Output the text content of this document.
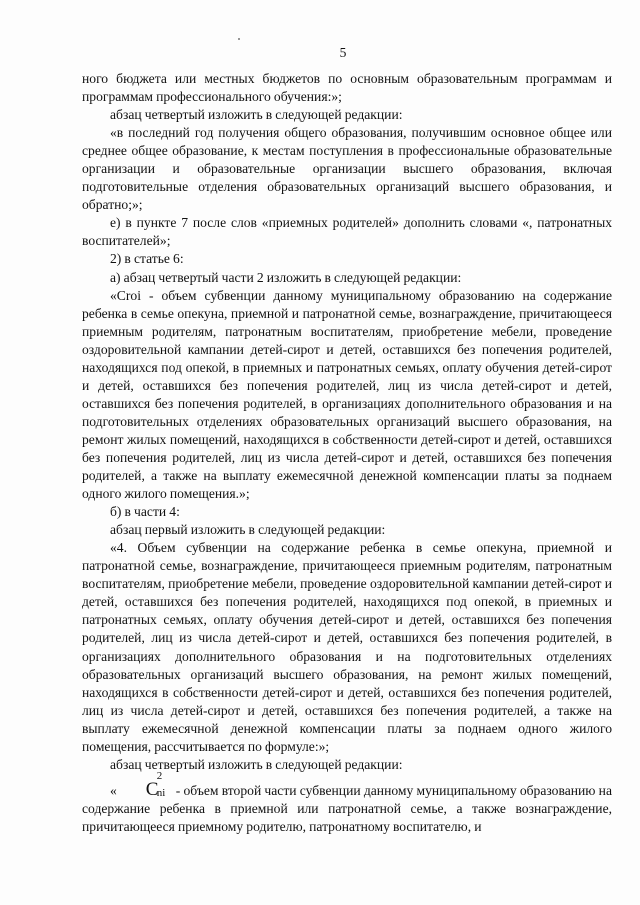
5

ного бюджета или местных бюджетов по основным образовательным программам и программам профессионального обучения:»;

абзац четвертый изложить в следующей редакции:

«в последний год получения общего образования, получившим основное общее или среднее общее образование, к местам поступления в профессиональные образовательные организации и образовательные организации высшего образования, включая подготовительные отделения образовательных организаций высшего образования, и обратно;»;

е) в пункте 7 после слов «приемных родителей» дополнить словами «, патронатных воспитателей»;

2) в статье 6:

а) абзац четвертый части 2 изложить в следующей редакции:

«Сroi - объем субвенции данному муниципальному образованию на содержание ребенка в семье опекуна, приемной и патронатной семье, вознаграждение, причитающееся приемным родителям, патронатным воспитателям, приобретение мебели, проведение оздоровительной кампании детей-сирот и детей, оставшихся без попечения родителей, находящихся под опекой, в приемных и патронатных семьях, оплату обучения детей-сирот и детей, оставшихся без попечения родителей, лиц из числа детей-сирот и детей, оставшихся без попечения родителей, в организациях дополнительного образования и на подготовительных отделениях образовательных организаций высшего образования, на ремонт жилых помещений, находящихся в собственности детей-сирот и детей, оставшихся без попечения родителей, лиц из числа детей-сирот и детей, оставшихся без попечения родителей, а также на выплату ежемесячной денежной компенсации платы за поднаем одного жилого помещения.»;

б) в части 4:

абзац первый изложить в следующей редакции:

«4. Объем субвенции на содержание ребенка в семье опекуна, приемной и патронатной семье, вознаграждение, причитающееся приемным родителям, патронатным воспитателям, приобретение мебели, проведение оздоровительной кампании детей-сирот и детей, оставшихся без попечения родителей, находящихся под опекой, в приемных и патронатных семьях, оплату обучения детей-сирот и детей, оставшихся без попечения родителей, лиц из числа детей-сирот и детей, оставшихся без попечения родителей, в организациях дополнительного образования и на подготовительных отделениях образовательных организаций высшего образования, на ремонт жилых помещений, находящихся в собственности детей-сирот и детей, оставшихся без попечения родителей, лиц из числа детей-сирот и детей, оставшихся без попечения родителей, а также на выплату ежемесячной денежной компенсации платы за поднаем одного жилого помещения, рассчитывается по формуле:»;

абзац четвертый изложить в следующей редакции:

« C
2
ni - объем второй части субвенции данному муниципальному образованию на содержание ребенка в приемной или патронатной семье, а также вознаграждение, причитающееся приемному родителю, патронатному воспитателю, и
